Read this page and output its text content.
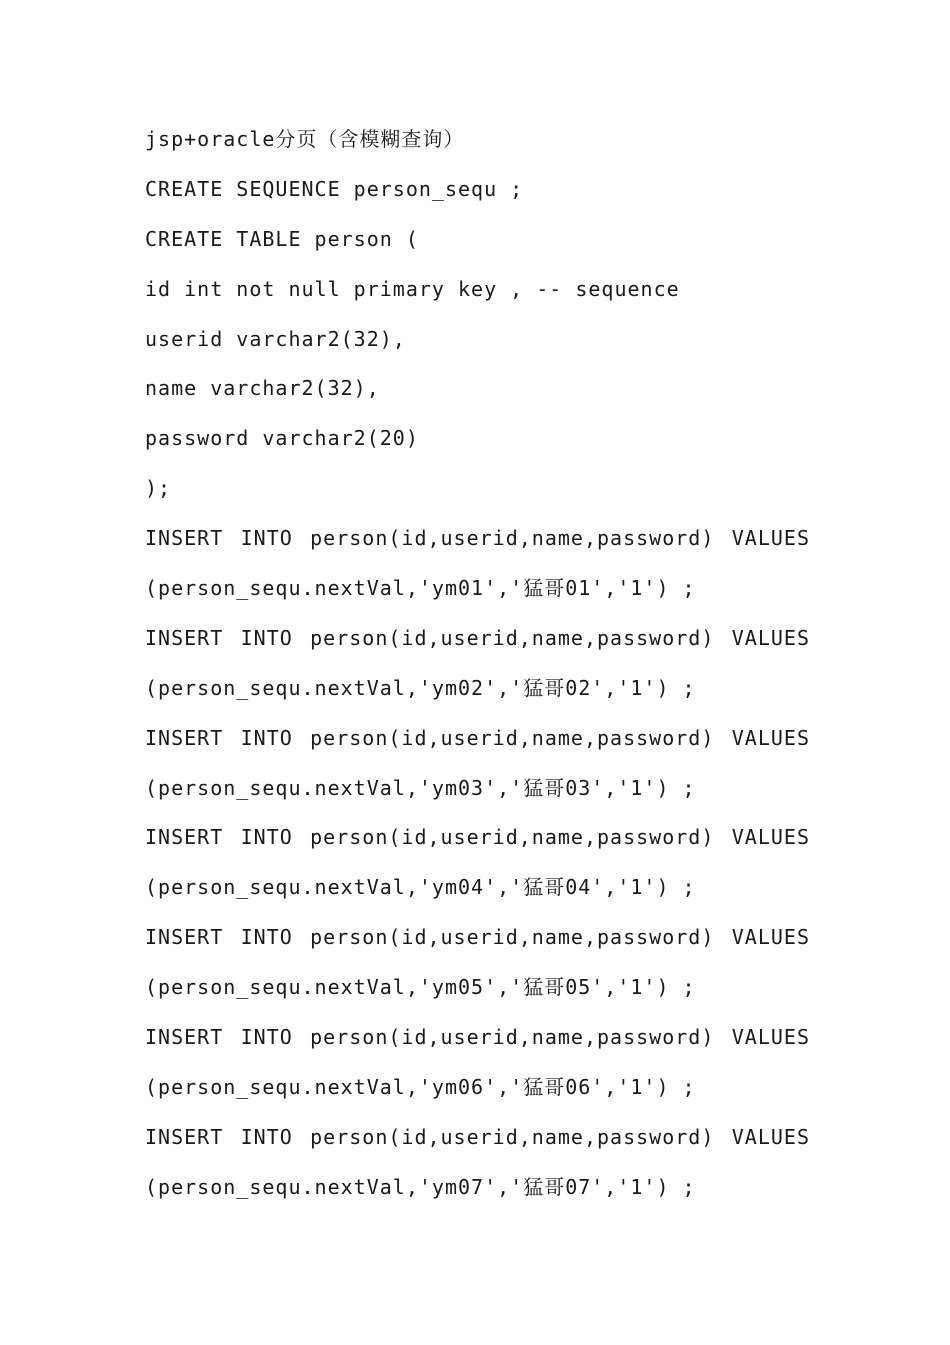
jsp+oracle分页（含模糊查询）
CREATE SEQUENCE person_sequ ;
CREATE TABLE person (
id int not null primary key , -- sequence
userid varchar2(32),
name varchar2(32),
password varchar2(20)
);
INSERT INTO person(id,userid,name,password) VALUES
(person_sequ.nextVal,'ym01','猛哥01','1') ;
INSERT INTO person(id,userid,name,password) VALUES
(person_sequ.nextVal,'ym02','猛哥02','1') ;
INSERT INTO person(id,userid,name,password) VALUES
(person_sequ.nextVal,'ym03','猛哥03','1') ;
INSERT INTO person(id,userid,name,password) VALUES
(person_sequ.nextVal,'ym04','猛哥04','1') ;
INSERT INTO person(id,userid,name,password) VALUES
(person_sequ.nextVal,'ym05','猛哥05','1') ;
INSERT INTO person(id,userid,name,password) VALUES
(person_sequ.nextVal,'ym06','猛哥06','1') ;
INSERT INTO person(id,userid,name,password) VALUES
(person_sequ.nextVal,'ym07','猛哥07','1') ;
